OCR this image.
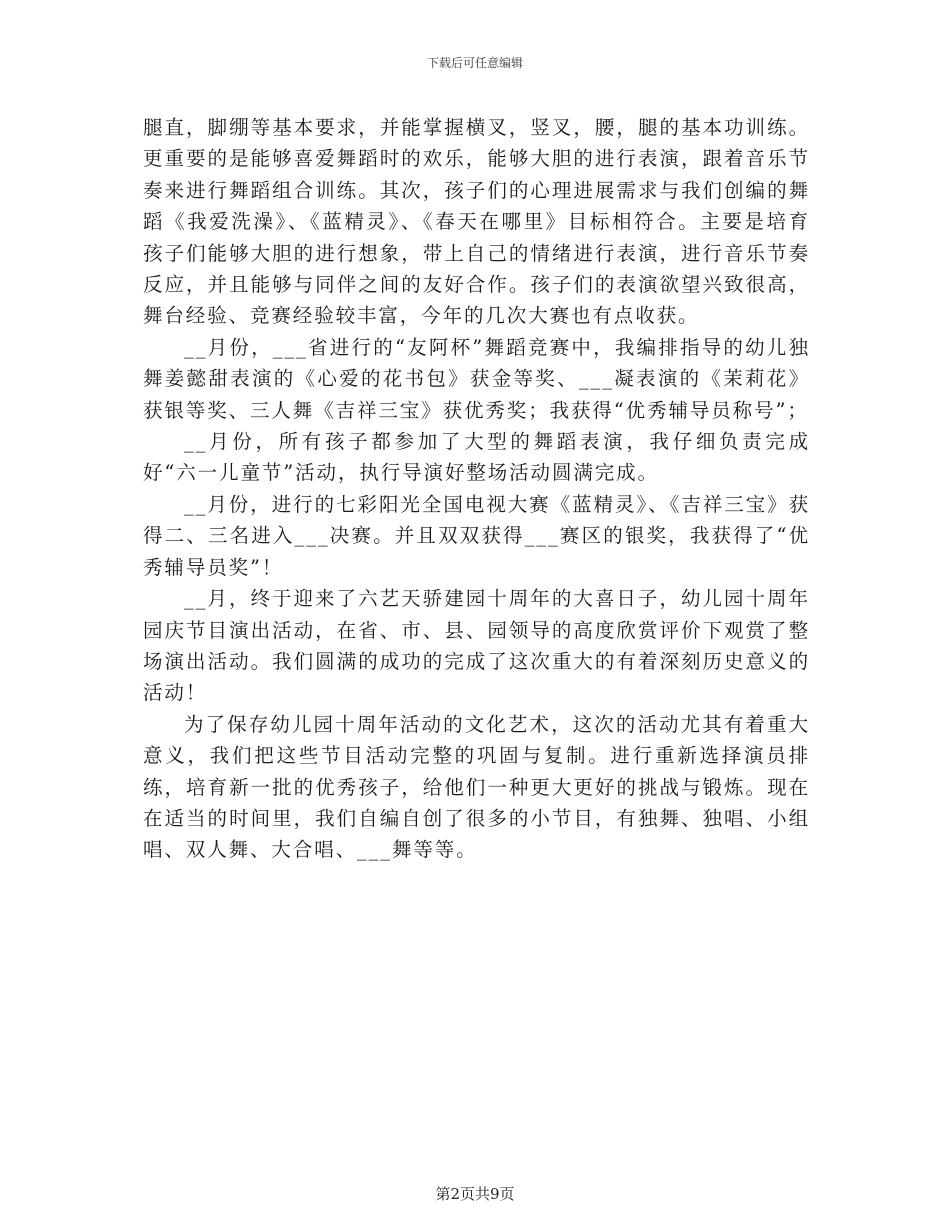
下载后可任意编辑

腿直，脚绷等基本要求，并能掌握横叉，竖叉，腰，腿的基本功训练。更重要的是能够喜爱舞蹈时的欢乐，能够大胆的进行表演，跟着音乐节奏来进行舞蹈组合训练。其次，孩子们的心理进展需求与我们创编的舞蹈《我爱洗澡》、《蓝精灵》、《春天在哪里》目标相符合。主要是培育孩子们能够大胆的进行想象，带上自己的情绪进行表演，进行音乐节奏反应，并且能够与同伴之间的友好合作。孩子们的表演欲望兴致很高，舞台经验、竞赛经验较丰富，今年的几次大赛也有点收获。

__月份，___省进行的“友阿杯”舞蹈竞赛中，我编排指导的幼儿独舞姜懿甜表演的《心爱的花书包》获金等奖、___凝表演的《茉莉花》获银等奖、三人舞《吉祥三宝》获优秀奖；我获得“优秀辅导员称号”；

__月份，所有孩子都参加了大型的舞蹈表演，我仔细负责完成好“六一儿童节”活动，执行导演好整场活动圆满完成。

__月份，进行的七彩阳光全国电视大赛《蓝精灵》、《吉祥三宝》获得二、三名进入___决赛。并且双双获得___赛区的银奖，我获得了“优秀辅导员奖”！

__月，终于迎来了六艺天骄建园十周年的大喜日子，幼儿园十周年园庆节目演出活动，在省、市、县、园领导的高度欣赏评价下观赏了整场演出活动。我们圆满的成功的完成了这次重大的有着深刻历史意义的活动！

为了保存幼儿园十周年活动的文化艺术，这次的活动尤其有着重大意义，我们把这些节目活动完整的巩固与复制。进行重新选择演员排练，培育新一批的优秀孩子，给他们一种更大更好的挑战与锻炼。现在在适当的时间里，我们自编自创了很多的小节目，有独舞、独唱、小组唱、双人舞、大合唱、___舞等等。

第2页共9页
